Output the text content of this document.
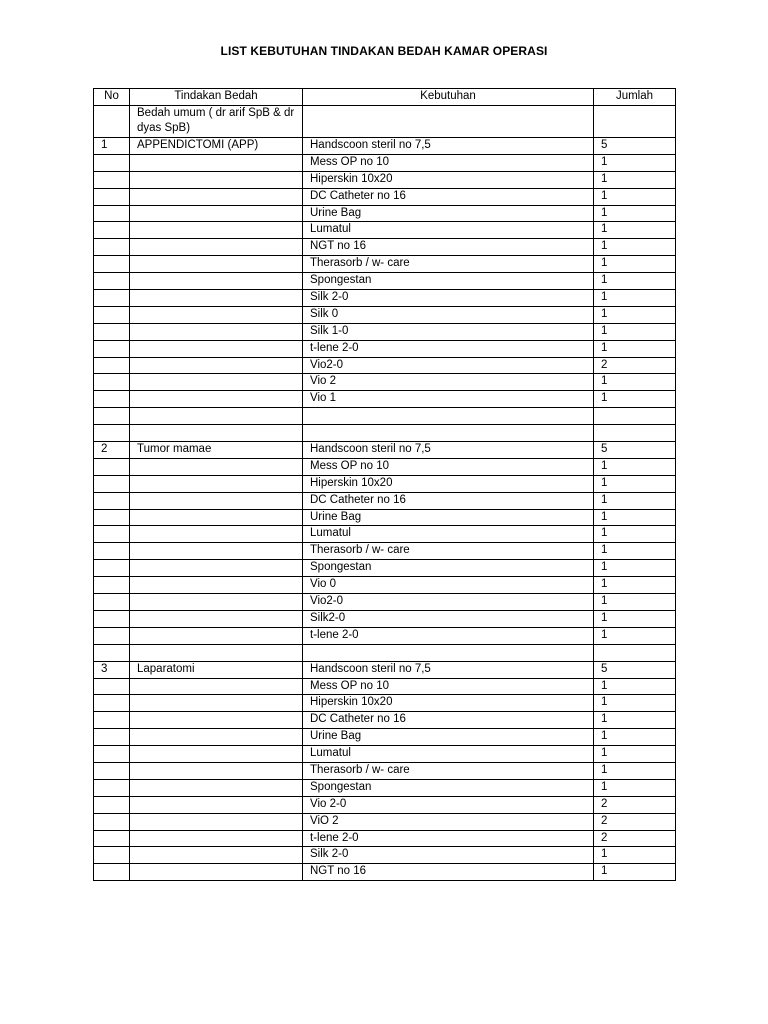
LIST KEBUTUHAN TINDAKAN BEDAH KAMAR OPERASI
No	Tindakan Bedah	Kebutuhan	Jumlah
	Bedah umum ( dr arif SpB & dr dyas SpB)		
1	APPENDICTOMI (APP)	Handscoon steril no 7,5	5
		Mess OP no 10	1
		Hiperskin 10x20	1
		DC Catheter no 16	1
		Urine Bag	1
		Lumatul	1
		NGT no 16	1
		Therasorb / w- care	1
		Spongestan	1
		Silk 2-0	1
		Silk 0	1
		Silk 1-0	1
		t-lene 2-0	1
		Vio2-0	2
		Vio 2	1
		Vio 1	1

2	Tumor mamae	Handscoon steril no 7,5	5
		Mess OP no 10	1
		Hiperskin 10x20	1
		DC Catheter no 16	1
		Urine Bag	1
		Lumatul	1
		Therasorb / w- care	1
		Spongestan	1
		Vio 0	1
		Vio2-0	1
		Silk2-0	1
		t-lene 2-0	1

3	Laparatomi	Handscoon steril no 7,5	5
		Mess OP no 10	1
		Hiperskin 10x20	1
		DC Catheter no 16	1
		Urine Bag	1
		Lumatul	1
		Therasorb / w- care	1
		Spongestan	1
		Vio 2-0	2
		ViO 2	2
		t-lene 2-0	2
		Silk 2-0	1
		NGT no 16	1
